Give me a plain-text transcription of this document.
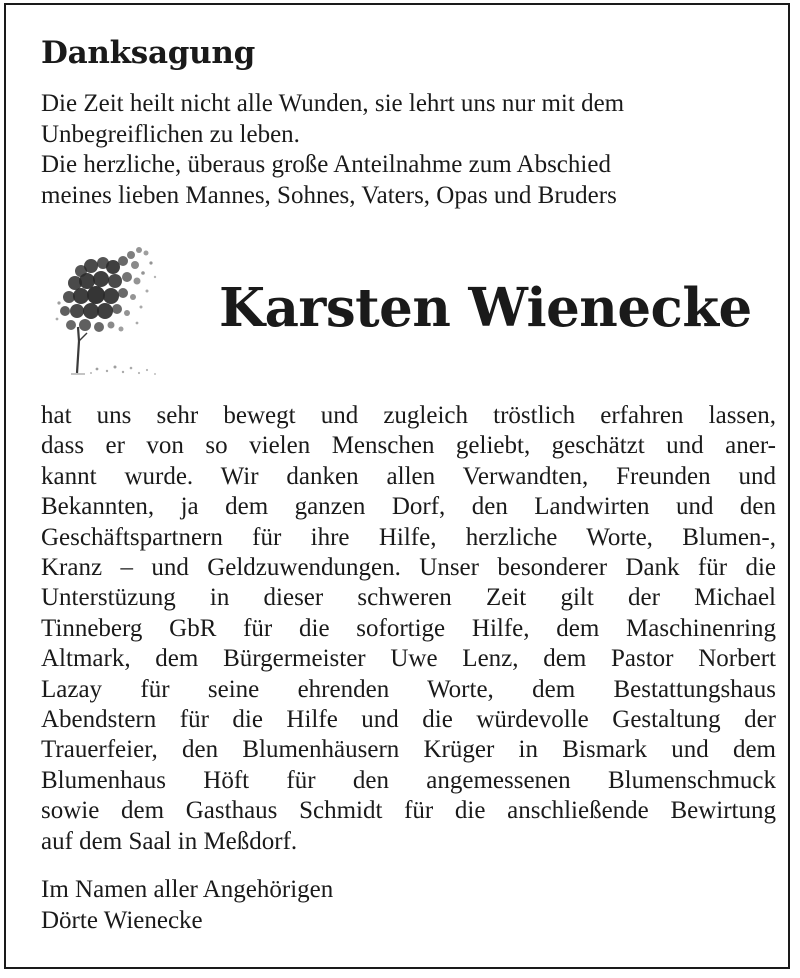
Danksagung

Die Zeit heilt nicht alle Wunden, sie lehrt uns nur mit dem
Unbegreiflichen zu leben.
Die herzliche, überaus große Anteilnahme zum Abschied
meines lieben Mannes, Sohnes, Vaters, Opas und Bruders

Karsten Wienecke

hat uns sehr bewegt und zugleich tröstlich erfahren lassen,
dass er von so vielen Menschen geliebt, geschätzt und aner-
kannt wurde. Wir danken allen Verwandten, Freunden und
Bekannten, ja dem ganzen Dorf, den Landwirten und den
Geschäftspartnern für ihre Hilfe, herzliche Worte, Blumen-,
Kranz – und Geldzuwendungen. Unser besonderer Dank für die
Unterstüzung in dieser schweren Zeit gilt der Michael
Tinneberg GbR für die sofortige Hilfe, dem Maschinenring
Altmark, dem Bürgermeister Uwe Lenz, dem Pastor Norbert
Lazay für seine ehrenden Worte, dem Bestattungshaus
Abendstern für die Hilfe und die würdevolle Gestaltung der
Trauerfeier, den Blumenhäusern Krüger in Bismark und dem
Blumenhaus Höft für den angemessenen Blumenschmuck
sowie dem Gasthaus Schmidt für die anschließende Bewirtung
auf dem Saal in Meßdorf.

Im Namen aller Angehörigen
Dörte Wienecke
